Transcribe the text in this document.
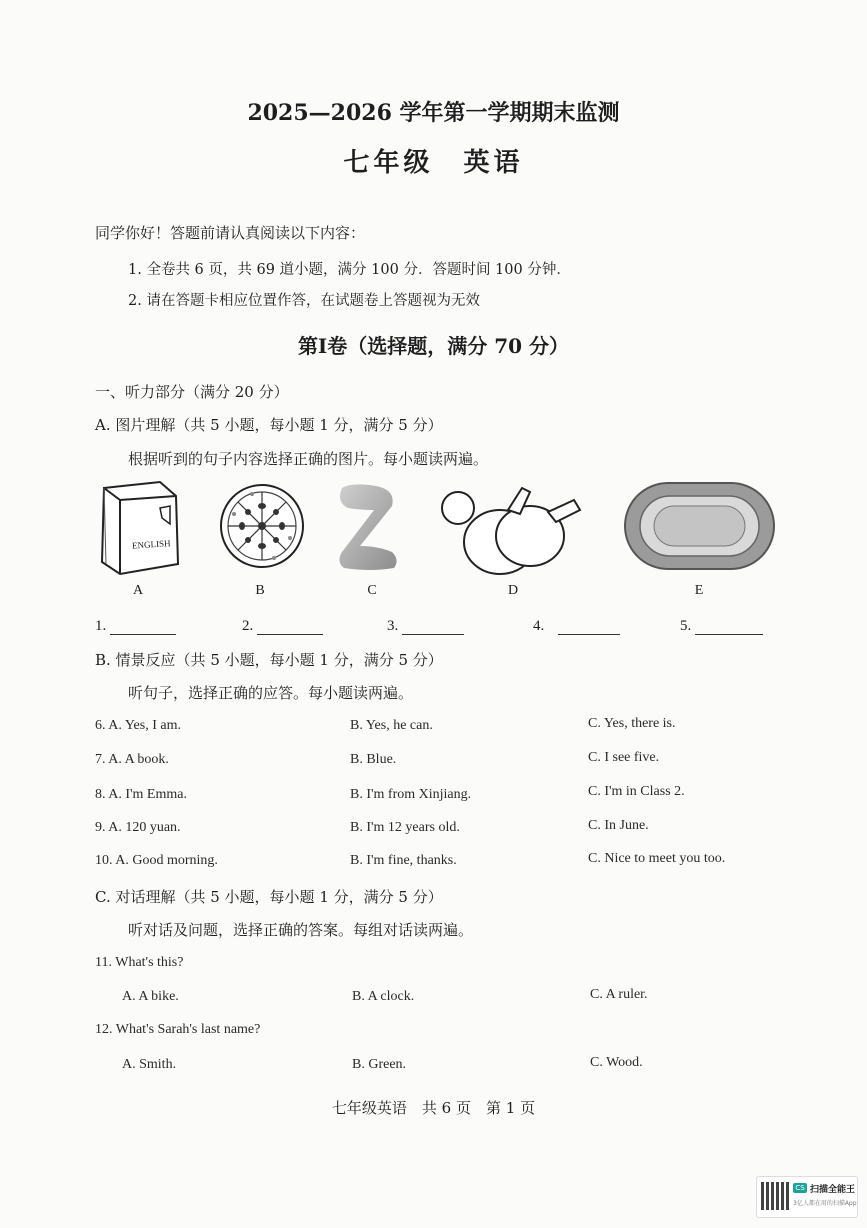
2025—2026 学年第一学期期末监测
七年级　英语
同学你好！答题前请认真阅读以下内容：
1. 全卷共 6 页，共 69 道小题，满分 100 分．答题时间 100 分钟．
2. 请在答题卡相应位置作答，在试题卷上答题视为无效
第Ⅰ卷（选择题，满分 70 分）
一、听力部分（满分 20 分）
A. 图片理解（共 5 小题，每小题 1 分，满分 5 分）
根据听到的句子内容选择正确的图片。每小题读两遍。
ENGLISH
A	B	C	D	E
1.	2.	3.	4.	5.
B. 情景反应（共 5 小题，每小题 1 分，满分 5 分）
听句子，选择正确的应答。每小题读两遍。
6. A. Yes, I am.	B. Yes, he can.	C. Yes, there is.
7. A. A book.	B. Blue.	C. I see five.
8. A. I'm Emma.	B. I'm from Xinjiang.	C. I'm in Class 2.
9. A. 120 yuan.	B. I'm 12 years old.	C. In June.
10. A. Good morning.	B. I'm fine, thanks.	C. Nice to meet you too.
C. 对话理解（共 5 小题，每小题 1 分，满分 5 分）
听对话及问题，选择正确的答案。每组对话读两遍。
11. What's this?
A. A bike.	B. A clock.	C. A ruler.
12. What's Sarah's last name?
A. Smith.	B. Green.	C. Wood.
七年级英语　共 6 页　第 1 页
CS 扫描全能王
3亿人都在用的扫描App
